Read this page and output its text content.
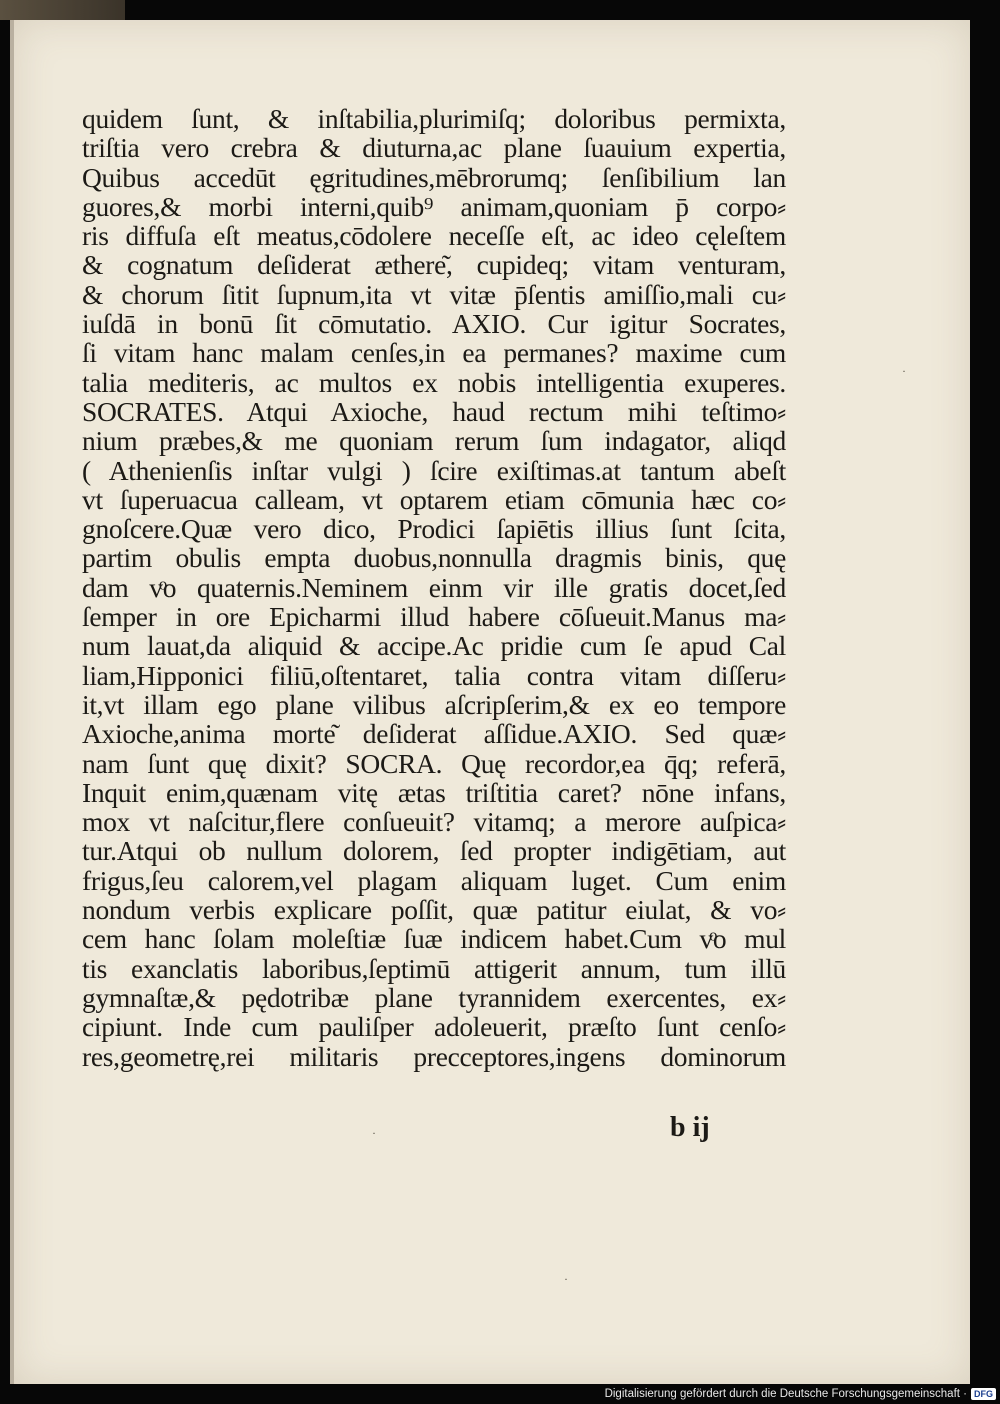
·
·
·
quidem ſunt, & inſtabilia,plurimiſq; doloribus permixta,
triſtia vero crebra & diuturna,ac plane ſuauium expertia,
Quibus accedūt ęgritudines,mēbrorumq; ſenſibilium lan
guores,& morbi interni,quib⁹ animam,quoniam p̄ corpo⸗
ris diffuſa eſt meatus,cōdolere neceſſe eſt, ac ideo cęleſtem
& cognatum deſiderat æthere͂, cupideq; vitam venturam,
& chorum ſitit ſupnum,ita vt vitæ p̄ſentis amiſſio,mali cu⸗
iuſdā in bonū ſit cōmutatio. AXIO. Cur igitur Socrates,
ſi vitam hanc malam cenſes,in ea permanes? maxime cum
talia mediteris, ac multos ex nobis intelligentia exuperes.
SOCRATES. Atqui Axioche, haud rectum mihi teſtimo⸗
nium præbes,& me quoniam rerum ſum indagator, aliqd
( Athenienſis inſtar vulgi ) ſcire exiſtimas.at tantum abeſt
vt ſuperuacua calleam, vt optarem etiam cōmunia hæc co⸗
gnoſcere.Quæ vero dico, Prodici ſapiētis illius ſunt ſcita,
partim obulis empta duobus,nonnulla dragmis binis, quę
dam vͦo quaternis.Neminem einm vir ille gratis docet,ſed
ſemper in ore Epicharmi illud habere cōſueuit.Manus ma⸗
num lauat,da aliquid & accipe.Ac pridie cum ſe apud Cal
liam,Hipponici filiū,oſtentaret, talia contra vitam diſſeru⸗
it,vt illam ego plane vilibus aſcripſerim,& ex eo tempore
Axioche,anima morte͂ deſiderat aſſidue.AXIO. Sed quæ⸗
nam ſunt quę dixit? SOCRA. Quę recordor,ea q̄q; referā,
Inquit enim,quænam vitę ætas triſtitia caret? nōne infans,
mox vt naſcitur,flere conſueuit? vitamq; a merore auſpica⸗
tur.Atqui ob nullum dolorem, ſed propter indigētiam, aut
frigus,ſeu calorem,vel plagam aliquam luget. Cum enim
nondum verbis explicare poſſit, quæ patitur eiulat, & vo⸗
cem hanc ſolam moleſtiæ ſuæ indicem habet.Cum vͦo mul
tis exanclatis laboribus,ſeptimū attigerit annum, tum illū
gymnaſtæ,& pędotribæ plane tyrannidem exercentes, ex⸗
cipiunt. Inde cum pauliſper adoleuerit, præſto ſunt cenſo⸗
res,geometrę,rei militaris precceptores,ingens dominorum
b ij
Digitalisierung gefördert durch die Deutsche Forschungsgemeinschaft · DFG
